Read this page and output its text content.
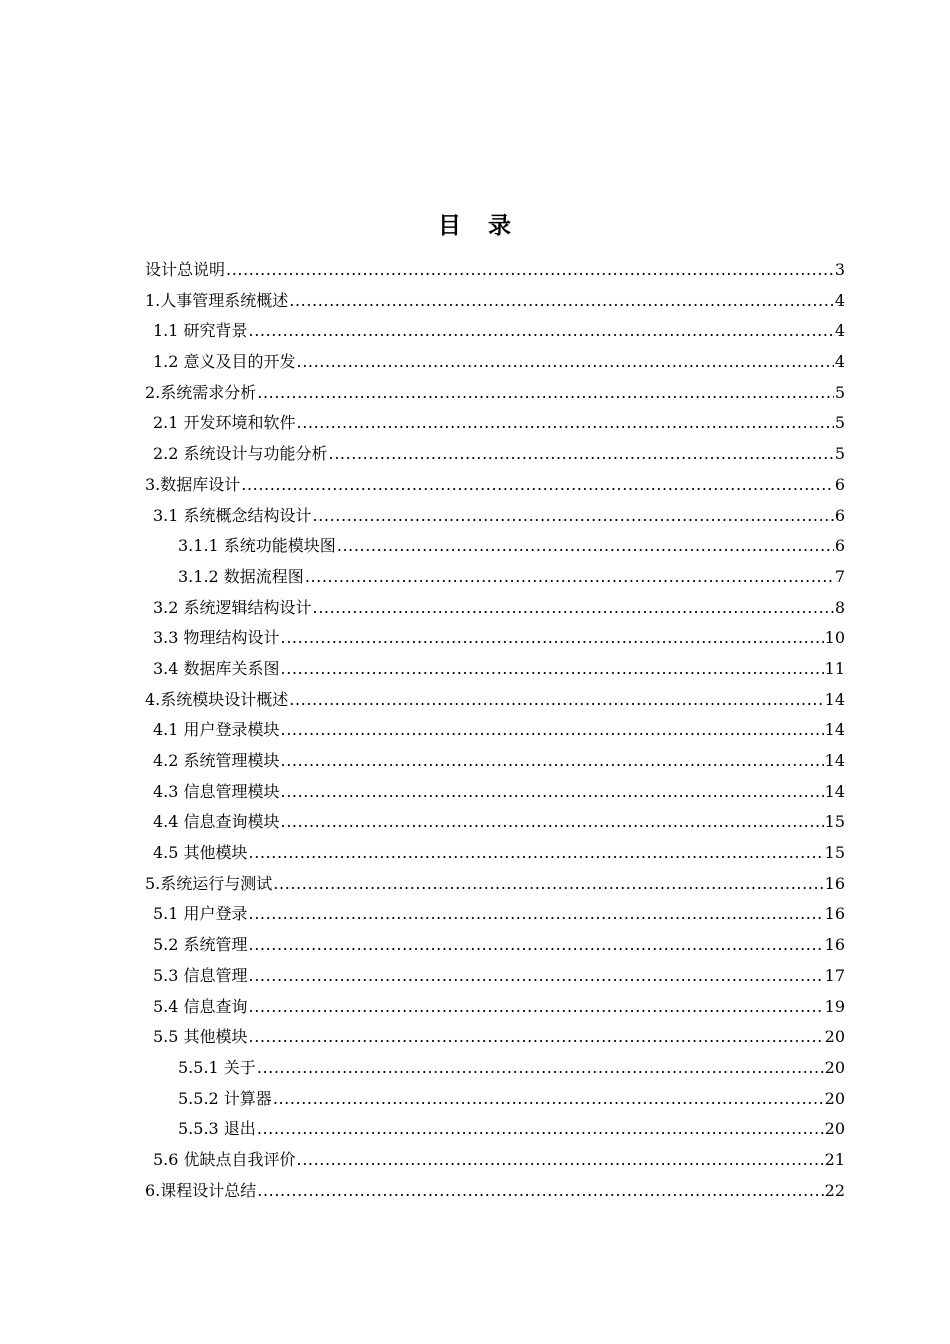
目 录
设计总说明 .....	3
1.人事管理系统概述 .....	4
1.1 研究背景 .....	4
1.2 意义及目的开发 .....	4
2.系统需求分析 .....	5
2.1 开发环境和软件 .....	5
2.2 系统设计与功能分析 .....	5
3.数据库设计 .....	6
3.1 系统概念结构设计 .....	6
3.1.1 系统功能模块图 .....	6
3.1.2 数据流程图 .....	7
3.2 系统逻辑结构设计 .....	8
3.3 物理结构设计 .....	10
3.4 数据库关系图 .....	11
4.系统模块设计概述 .....	14
4.1 用户登录模块 .....	14
4.2 系统管理模块 .....	14
4.3 信息管理模块 .....	14
4.4 信息查询模块 .....	15
4.5 其他模块 .....	15
5.系统运行与测试 .....	16
5.1 用户登录 .....	16
5.2 系统管理 .....	16
5.3 信息管理 .....	17
5.4 信息查询 .....	19
5.5 其他模块 .....	20
5.5.1 关于 .....	20
5.5.2 计算器 .....	20
5.5.3 退出 .....	20
5.6 优缺点自我评价 .....	21
6.课程设计总结 .....	22
